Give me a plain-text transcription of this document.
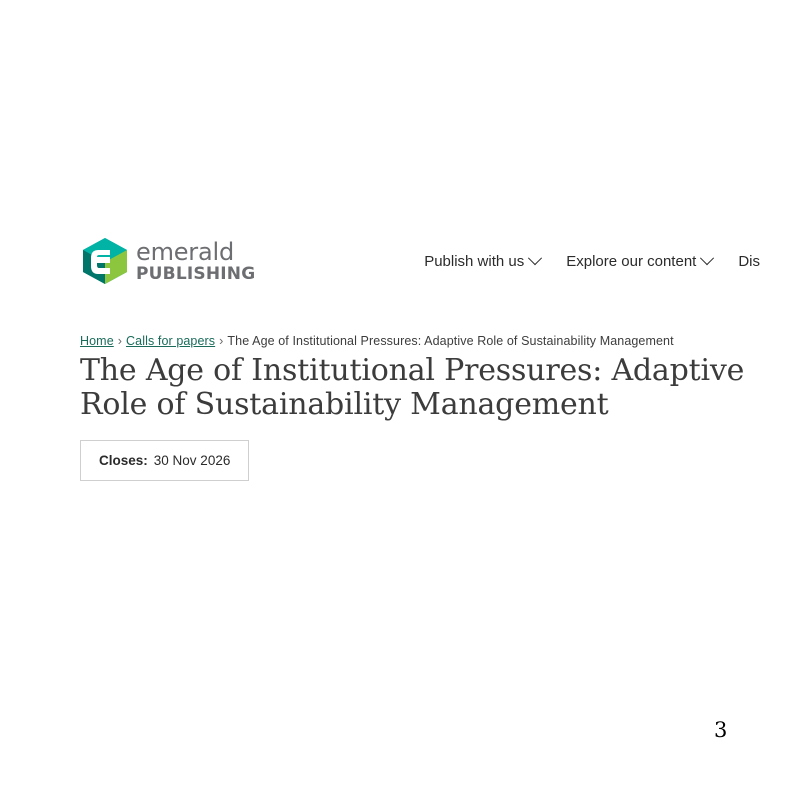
emerald
PUBLISHING
Publish with us	Explore our content	Dis
Home › Calls for papers › The Age of Institutional Pressures: Adaptive Role of Sustainability Management
The Age of Institutional Pressures: Adaptive Role of Sustainability Management
Closes: 30 Nov 2026
3
